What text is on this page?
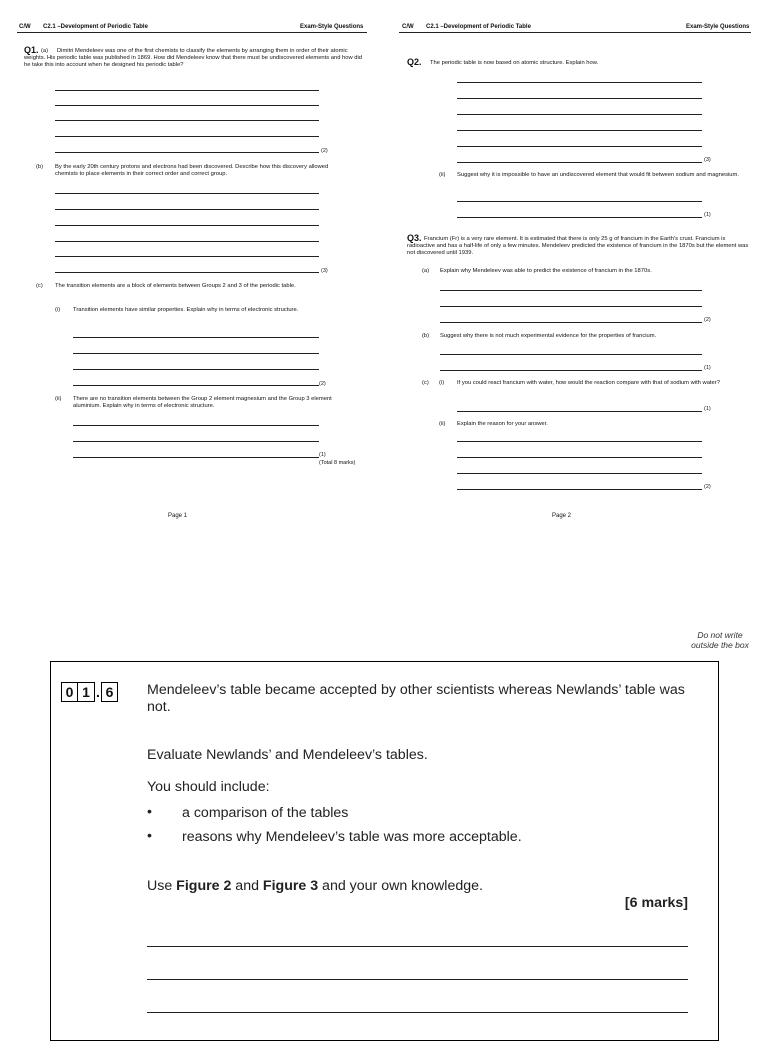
C/W C2.1 –Development of Periodic Table	Exam-Style Questions	C/W C2.1 –Development of Periodic Table	Exam-Style Questions
Q1. (a)	Dimitri Mendeleev was one of the first chemists to classify the elements by arranging them in order of their atomic weights. His periodic table was published in 1869. How did Mendeleev know that there must be undiscovered elements and how did he take this into account when he designed his periodic table?
(2)
(b) By the early 20th century protons and electrons had been discovered. Describe how this discovery allowed chemists to place elements in their correct order and correct group.
(3)
(c) The transition elements are a block of elements between Groups 2 and 3 of the periodic table.
(i) Transition elements have similar properties. Explain why in terms of electronic structure.
(2)
(ii) There are no transition elements between the Group 2 element magnesium and the Group 3 element aluminium. Explain why in terms of electronic structure.
(1)
(Total 8 marks)
Page 1
Q2. The periodic table is now based on atomic structure. Explain how.
(3)
(ii) Suggest why it is impossible to have an undiscovered element that would fit between sodium and magnesium.
(1)
Q3. Francium (Fr) is a very rare element. It is estimated that there is only 25 g of francium in the Earth's crust. Francium is radioactive and has a half-life of only a few minutes. Mendeleev predicted the existence of francium in the 1870s but the element was not discovered until 1939.
(a) Explain why Mendeleev was able to predict the existence of francium in the 1870s.
(2)
(b) Suggest why there is not much experimental evidence for the properties of francium.
(1)
(c) (i) If you could react francium with water, how would the reaction compare with that of sodium with water?
(1)
(ii) Explain the reason for your answer.
(2)
Page 2
Do not write outside the box
0 1 . 6	Mendeleev’s table became accepted by other scientists whereas Newlands’ table was not.
Evaluate Newlands’ and Mendeleev’s tables.
You should include:
• a comparison of the tables
• reasons why Mendeleev’s table was more acceptable.
Use Figure 2 and Figure 3 and your own knowledge.
[6 marks]
